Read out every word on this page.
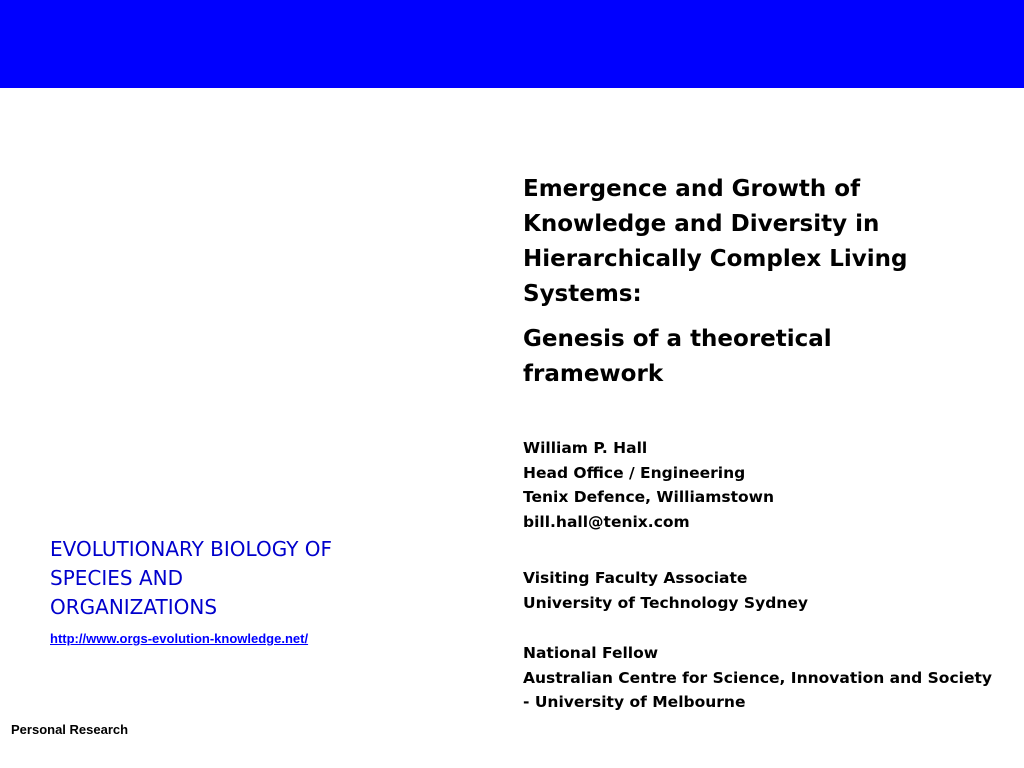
Emergence and Growth of
Knowledge and Diversity in
Hierarchically Complex Living
Systems:
Genesis of a theoretical
framework
William P. Hall
Head Office / Engineering
Tenix Defence, Williamstown
bill.hall@tenix.com
Visiting Faculty Associate
University of Technology Sydney
National Fellow
Australian Centre for Science, Innovation and Society - University of Melbourne
EVOLUTIONARY BIOLOGY OF
SPECIES AND
ORGANIZATIONS
http://www.orgs-evolution-knowledge.net/
Personal Research
